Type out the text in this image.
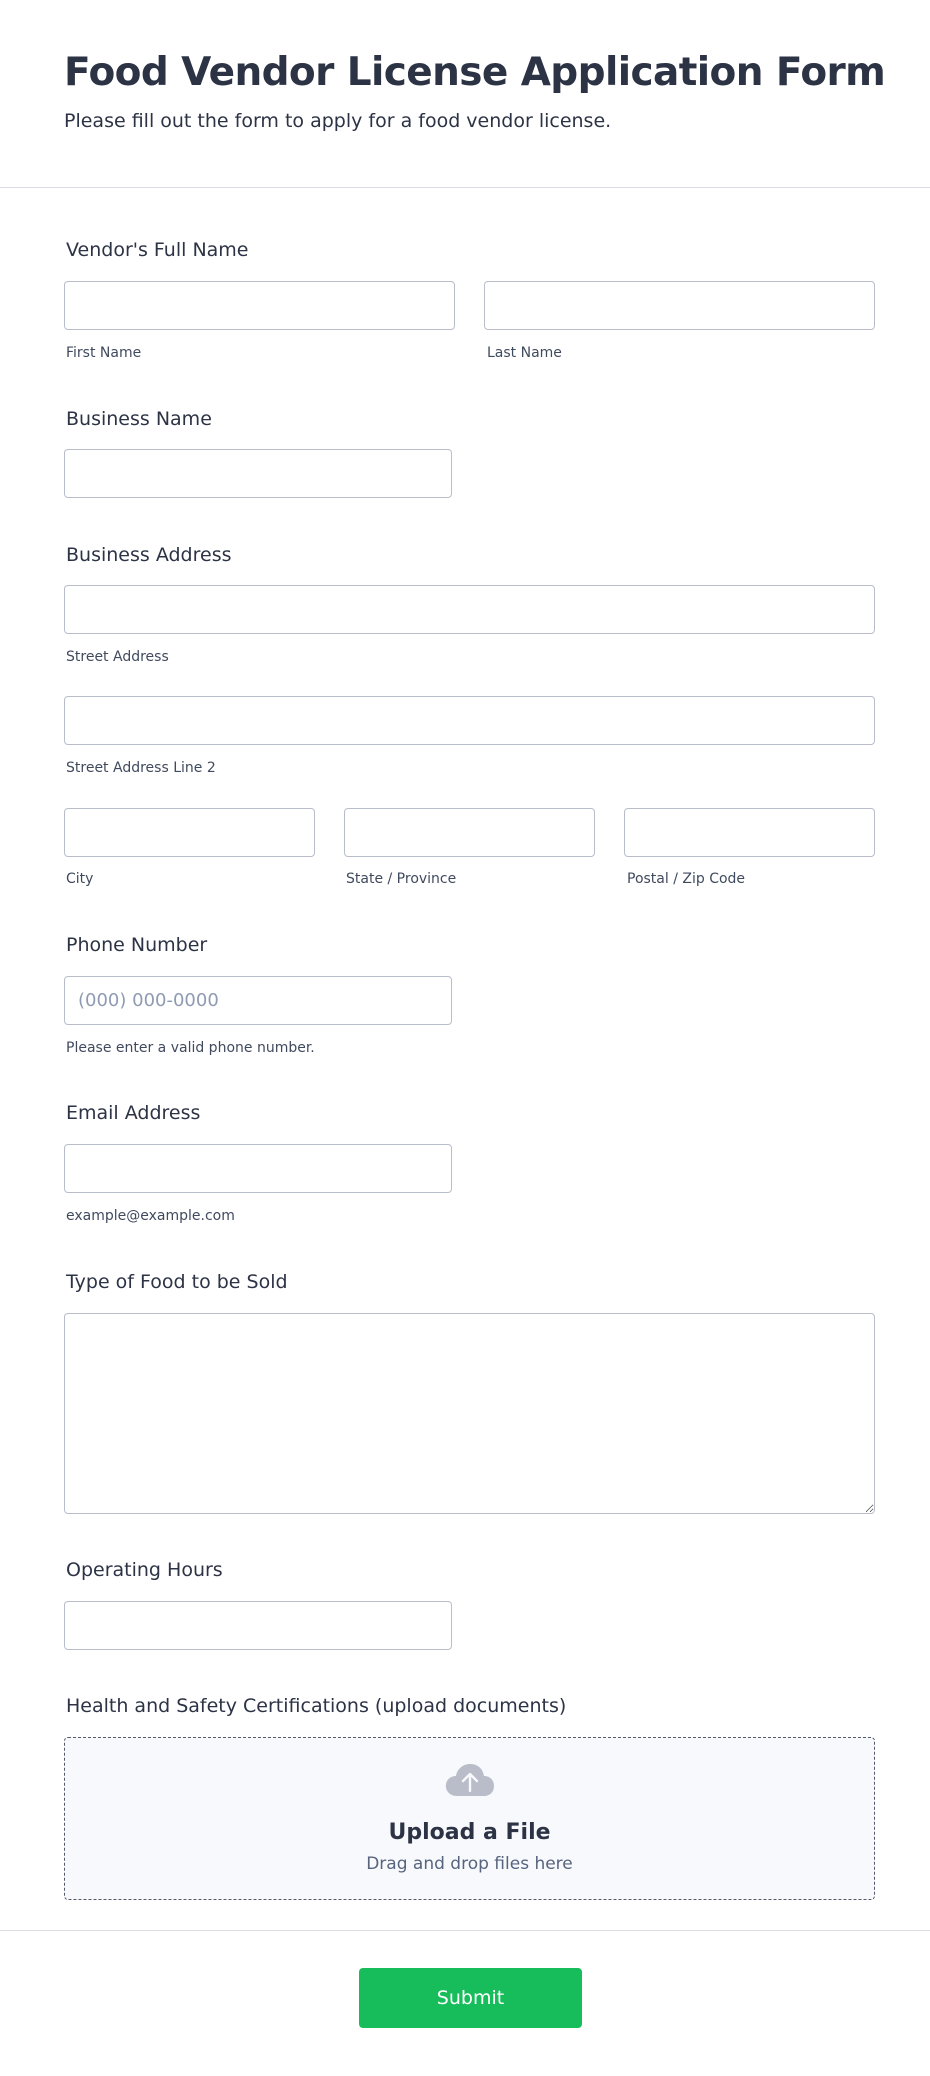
Food Vendor License Application Form

Please fill out the form to apply for a food vendor license.

Vendor's Full Name
First Name	Last Name
Business Name
Business Address
Street Address
Street Address Line 2
City	State / Province	Postal / Zip Code
Phone Number
(000) 000-0000
Please enter a valid phone number.
Email Address
example@example.com
Type of Food to be Sold
Operating Hours
Health and Safety Certifications (upload documents)
Upload a File
Drag and drop files here
Submit
